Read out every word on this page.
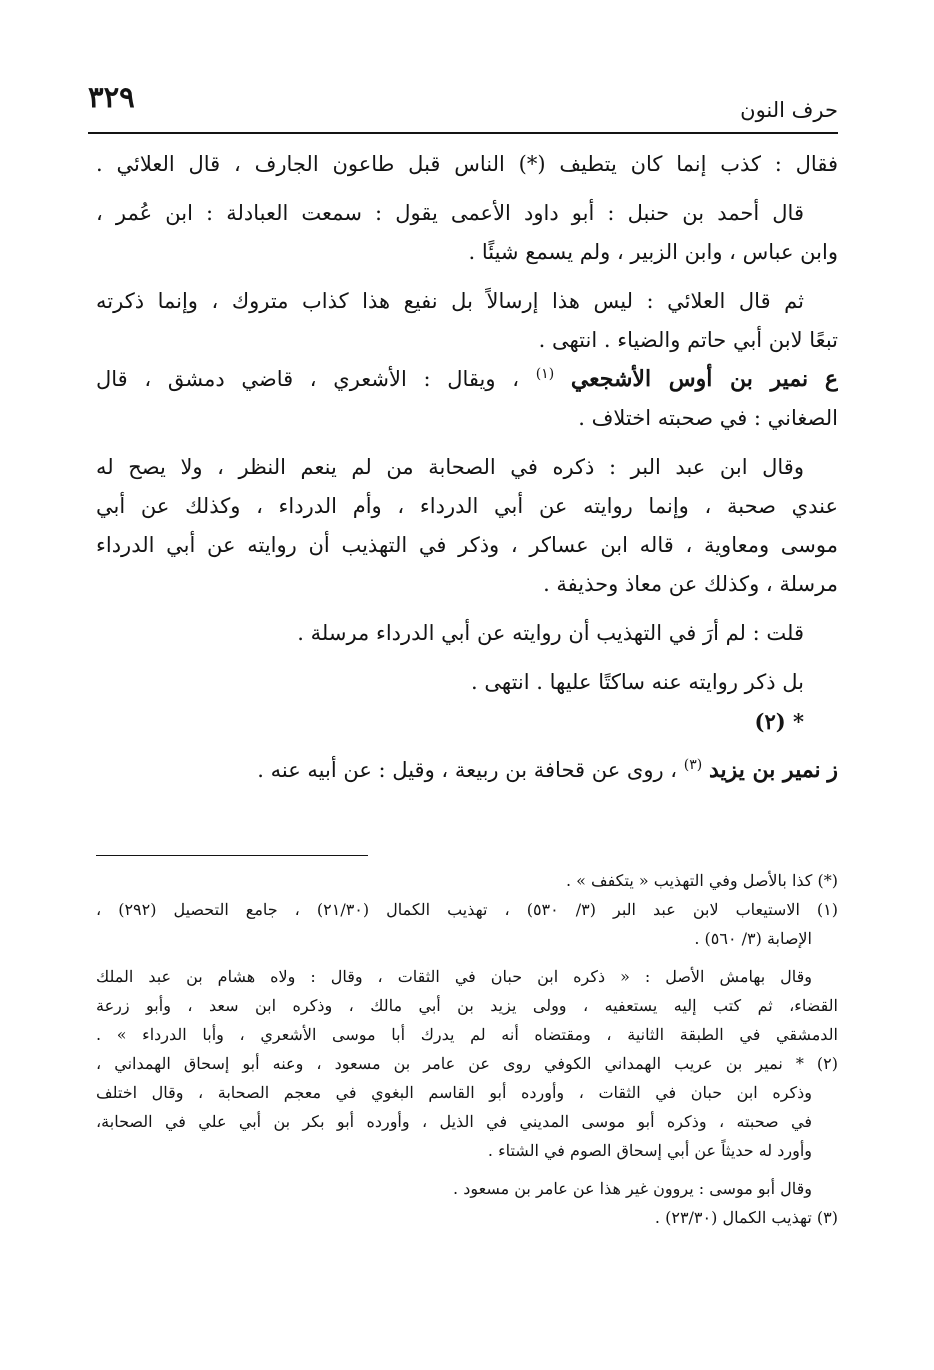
٣٢٩	حرف النون
فقال : كذب إنما كان يتطيف (*) الناس قبل طاعون الجارف ، قال العلائي .
قال أحمد بن حنبل : أبو داود الأعمى يقول : سمعت العبادلة : ابن عُمر ،
وابن عباس ، وابن الزبير ، ولم يسمع شيئًا .
ثم قال العلائي : ليس هذا إرسالاً بل نفيع هذا كذاب متروك ، وإنما ذكرته
تبعًا لابن أبي حاتم والضياء . انتهى .
ع نمير بن أوس الأشجعي $^{(١)}$ ، ويقال : الأشعري ، قاضي دمشق ، قال
الصغاني : في صحبته اختلاف .
وقال ابن عبد البر : ذكره في الصحابة من لم ينعم النظر ، ولا يصح له
عندي صحبة ، وإنما روايته عن أبي الدرداء ، وأم الدرداء ، وكذلك عن أبي
موسى ومعاوية ، قاله ابن عساكر ، وذكر في التهذيب أن روايته عن أبي الدرداء
مرسلة ، وكذلك عن معاذ وحذيفة .
قلت : لم أرَ في التهذيب أن روايته عن أبي الدرداء مرسلة .
بل ذكر روايته عنه ساكتًا عليها . انتهى .
* (٢)
ز نمير بن يزيد $^{(٣)}$ ، روى عن قحافة بن ربيعة ، وقيل : عن أبيه عنه .
(*) كذا بالأصل وفي التهذيب « يتكفف » .
(١) الاستيعاب لابن عبد البر (٣/ ٥٣٠) ، تهذيب الكمال (٢١/٣٠) ، جامع التحصيل (٢٩٢) ،
الإصابة (٣/ ٥٦٠) .
وقال بهامش الأصل : « ذكره ابن حبان في الثقات ، وقال : ولاه هشام بن عبد الملك
القضاء، ثم كتب إليه يستعفيه ، وولى يزيد بن أبي مالك ، وذكره ابن سعد ، وأبو زرعة
الدمشقي في الطبقة الثانية ، ومقتضاه أنه لم يدرك أبا موسى الأشعري ، وأبا الدرداء » .
(٢) * نمير بن عريب الهمداني الكوفي روى عن عامر بن مسعود ، وعنه أبو إسحاق الهمداني ،
وذكره ابن حبان في الثقات ، وأورده أبو القاسم البغوي في معجم الصحابة ، وقال اختلف
في صحبته ، وذكره أبو موسى المديني في الذيل ، وأورده أبو بكر بن أبي علي في الصحابة،
وأورد له حديثاً عن أبي إسحاق الصوم في الشتاء .
وقال أبو موسى : يروون غير هذا عن عامر بن مسعود .
(٣) تهذيب الكمال (٢٣/٣٠) .
